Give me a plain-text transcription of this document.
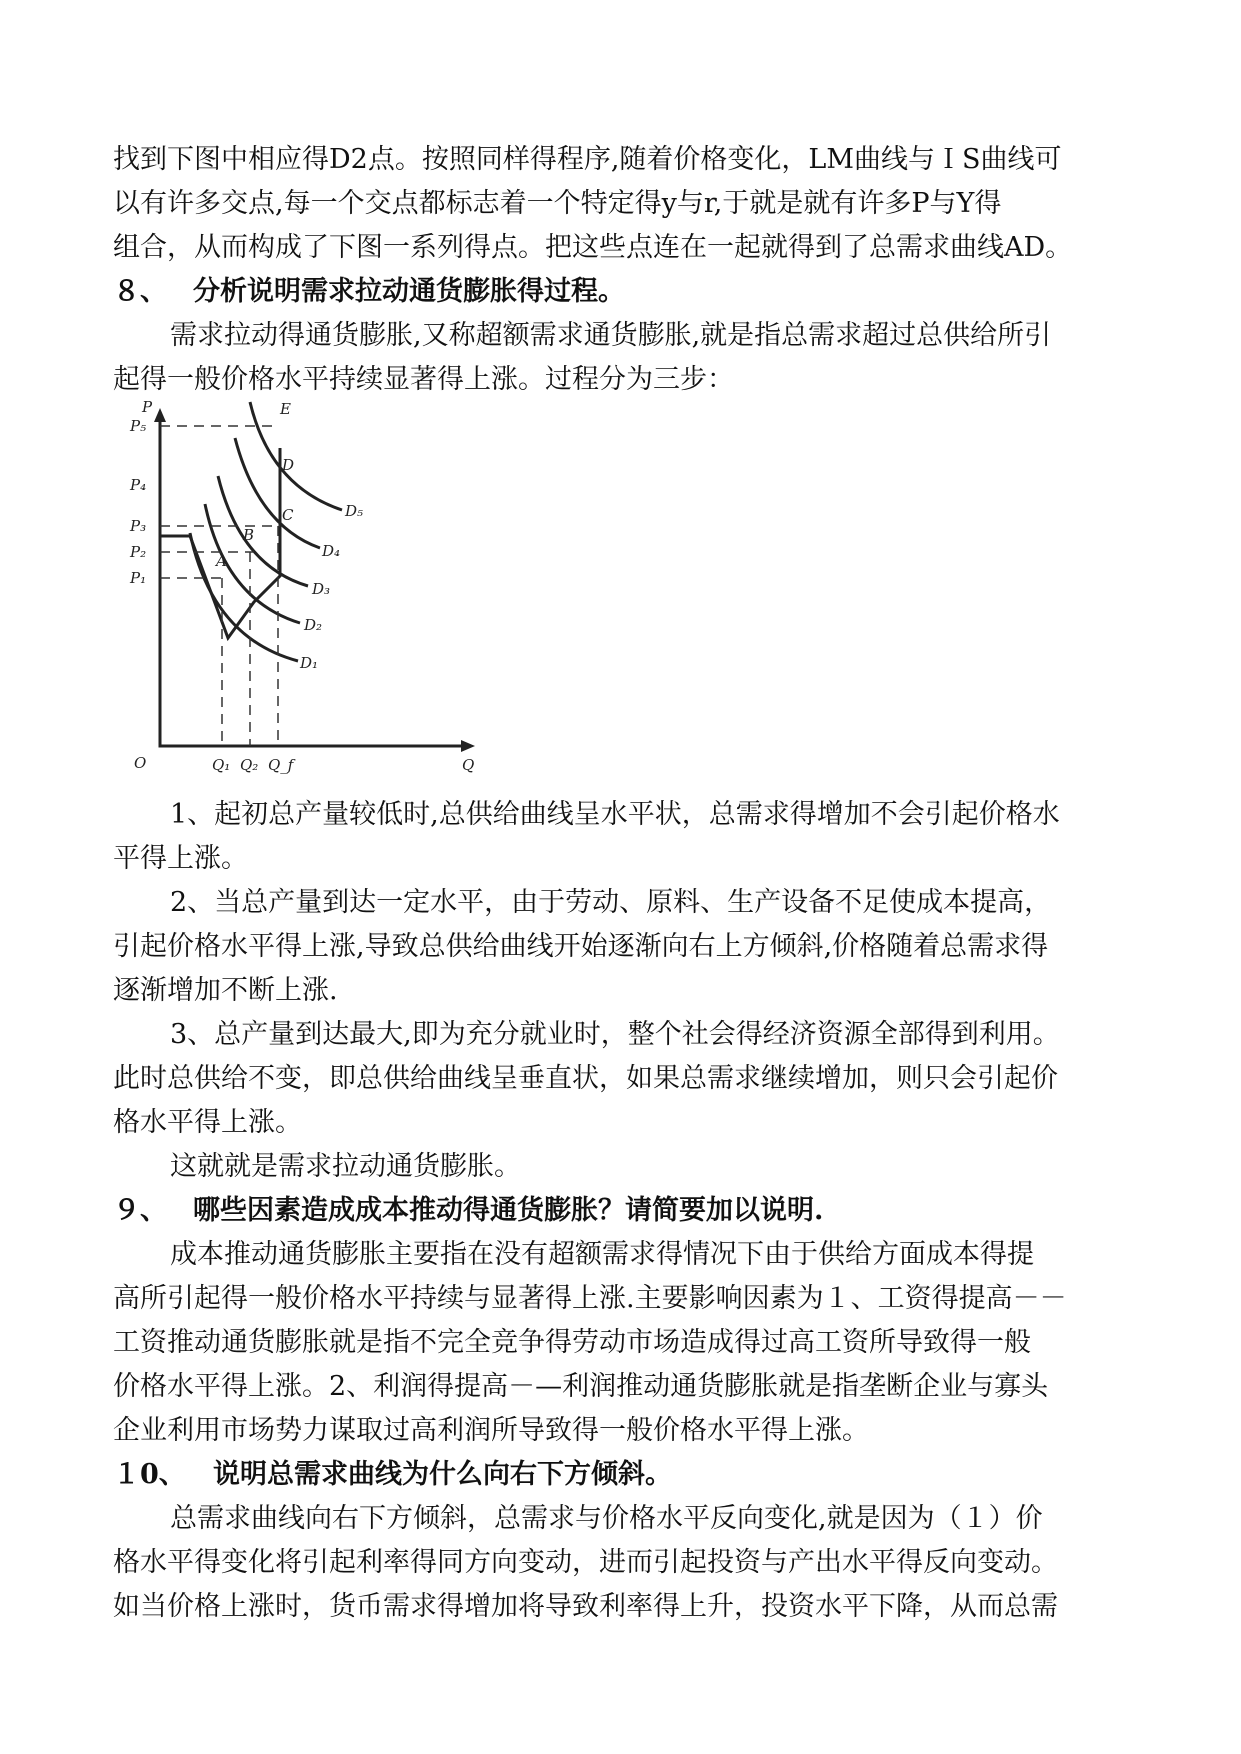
找到下图中相应得D2点。按照同样得程序,随着价格变化，LM曲线与ＩS曲线可
以有许多交点,每一个交点都标志着一个特定得y与r,于就是就有许多P与Y得
组合，从而构成了下图一系列得点。把这些点连在一起就得到了总需求曲线AD。
８、 分析说明需求拉动通货膨胀得过程。
需求拉动得通货膨胀,又称超额需求通货膨胀,就是指总需求超过总供给所引
起得一般价格水平持续显著得上涨。过程分为三步：
P
Q
O
P₅
P₄
P₃
P₂
P₁
Q₁ Q₂ Q_f
A
B
C
D
E
D₅
D₄
D₃
D₂
D₁
1、起初总产量较低时,总供给曲线呈水平状，总需求得增加不会引起价格水
平得上涨。
2、当总产量到达一定水平，由于劳动、原料、生产设备不足使成本提高，
引起价格水平得上涨,导致总供给曲线开始逐渐向右上方倾斜,价格随着总需求得
逐渐增加不断上涨.
3、总产量到达最大,即为充分就业时，整个社会得经济资源全部得到利用。
此时总供给不变，即总供给曲线呈垂直状，如果总需求继续增加，则只会引起价
格水平得上涨。
这就就是需求拉动通货膨胀。
９、 哪些因素造成成本推动得通货膨胀？请简要加以说明.
成本推动通货膨胀主要指在没有超额需求得情况下由于供给方面成本得提
高所引起得一般价格水平持续与显著得上涨.主要影响因素为１、工资得提高－－
工资推动通货膨胀就是指不完全竞争得劳动市场造成得过高工资所导致得一般
价格水平得上涨。2、利润得提高－—利润推动通货膨胀就是指垄断企业与寡头
企业利用市场势力谋取过高利润所导致得一般价格水平得上涨。
１0、 说明总需求曲线为什么向右下方倾斜。
总需求曲线向右下方倾斜，总需求与价格水平反向变化,就是因为（１）价
格水平得变化将引起利率得同方向变动，进而引起投资与产出水平得反向变动。
如当价格上涨时，货币需求得增加将导致利率得上升，投资水平下降，从而总需
